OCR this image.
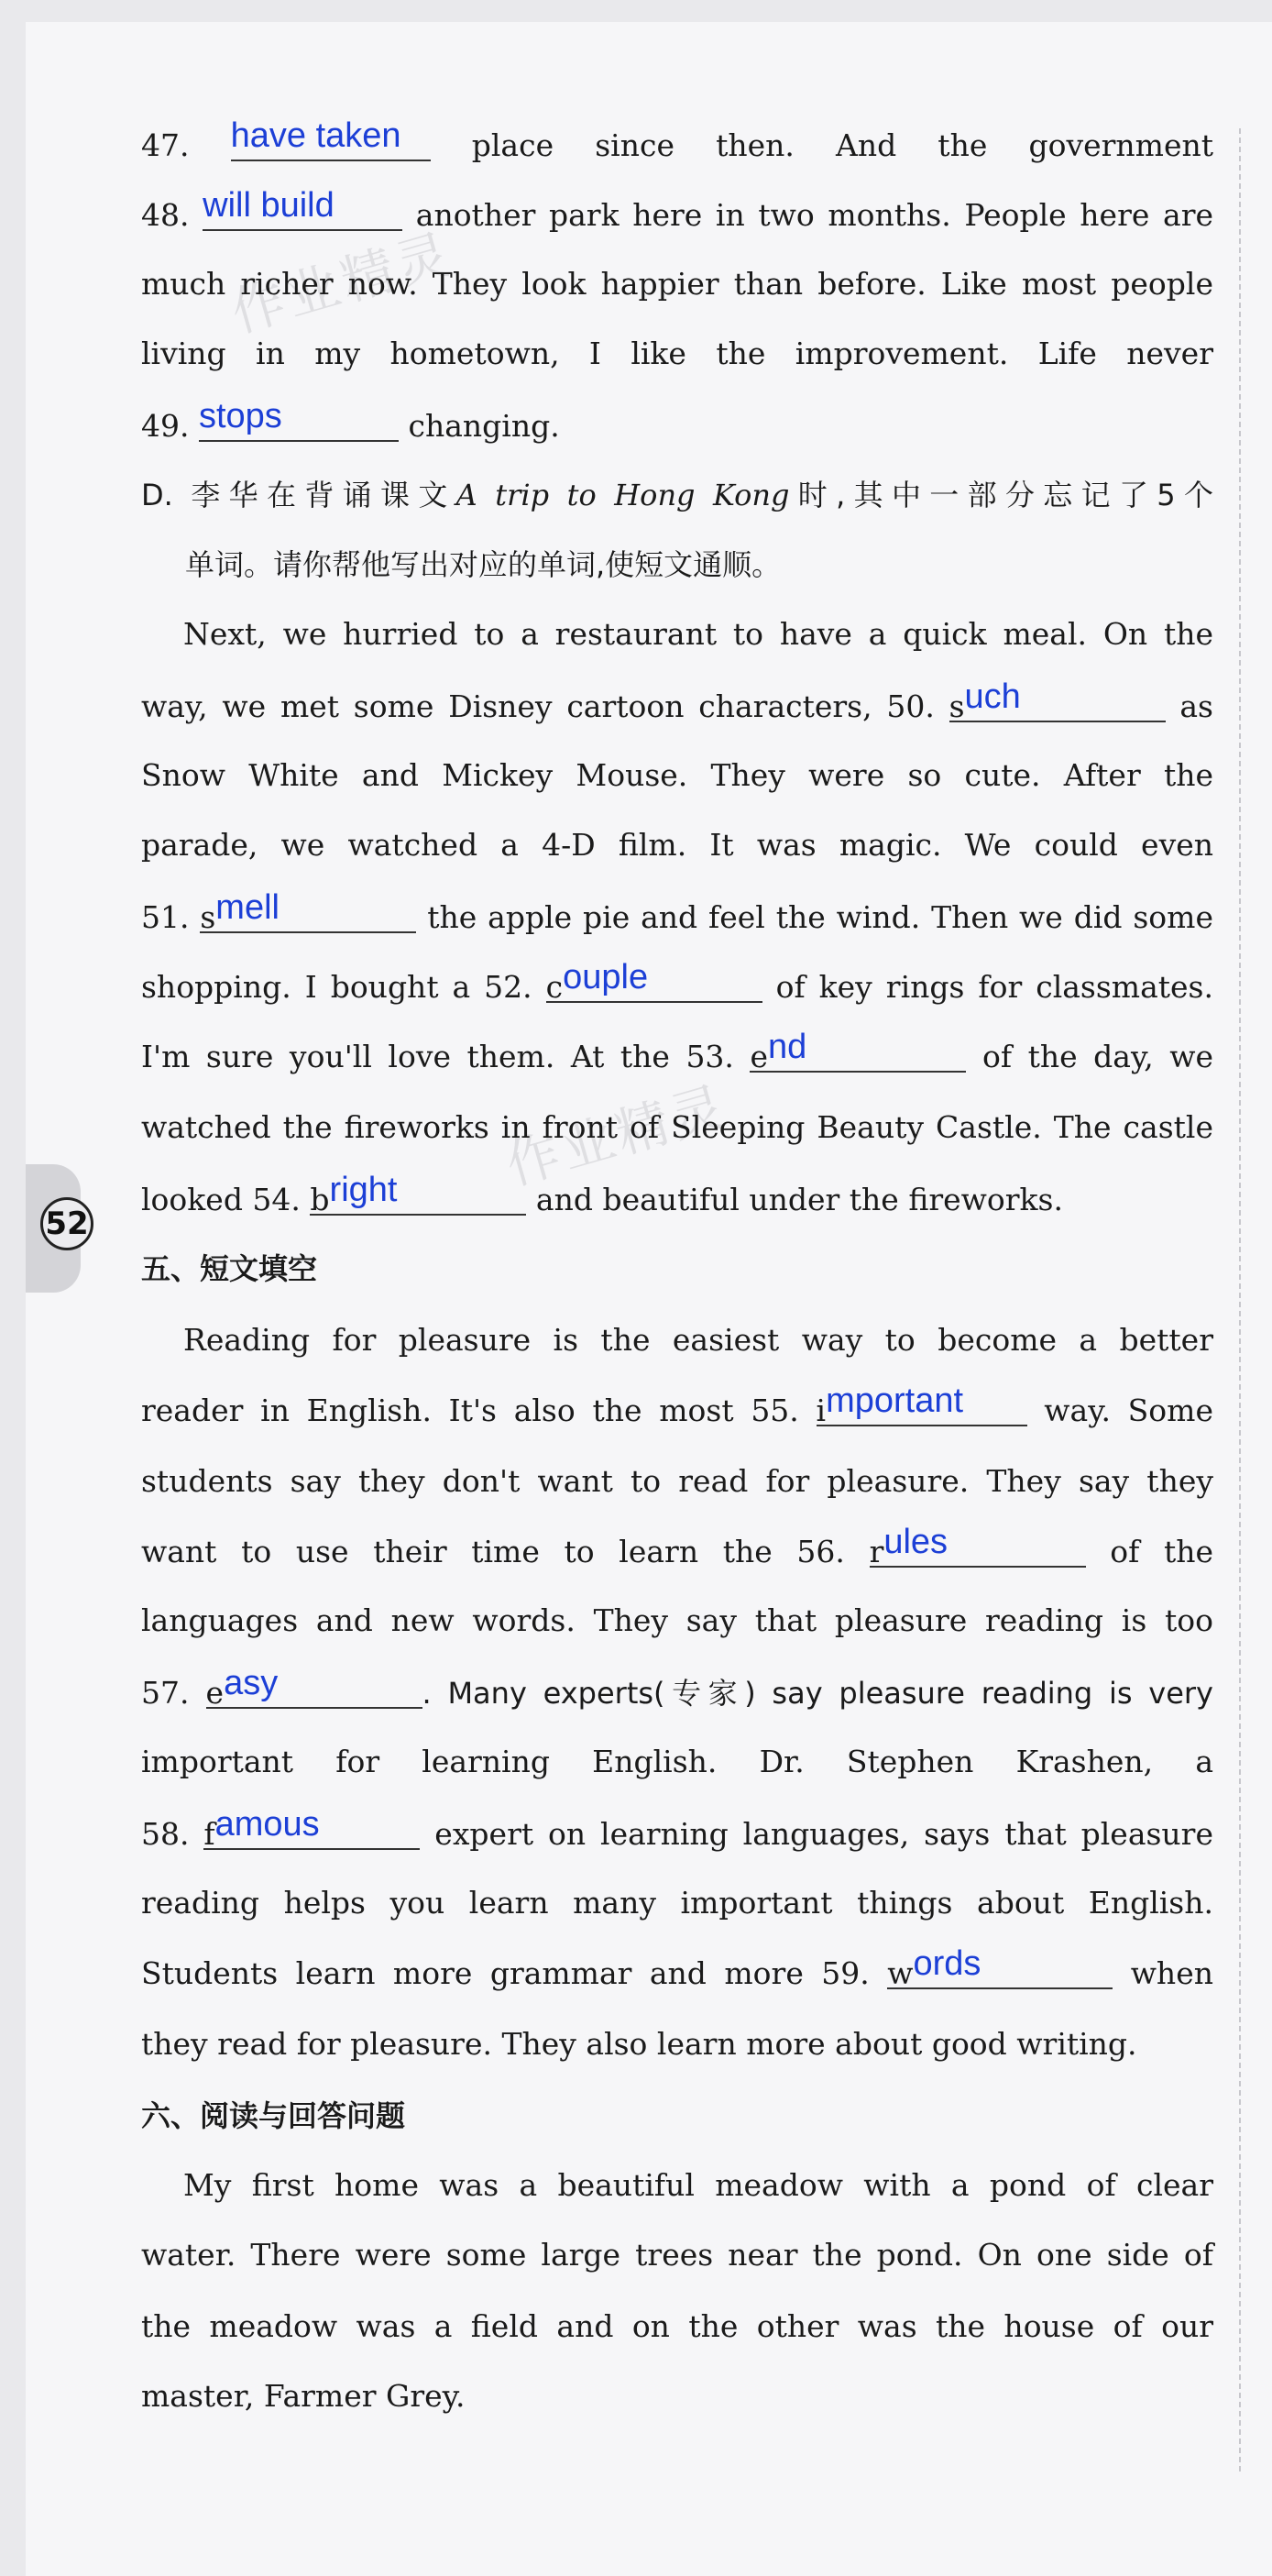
52
作业精灵
作业精灵
47. have taken place since then. And the government
48. will build	another park here in two months. People here are
much richer now. They look happier than before. Like most people
living in my hometown, I like the improvement. Life never
49. stops	changing.
D. 李华在背诵课文A trip to Hong Kong时,其中一部分忘记了5个
单词。请你帮他写出对应的单词,使短文通顺。
Next, we hurried to a restaurant to have a quick meal. On the
way, we met some Disney cartoon characters, 50. such	as
Snow White and Mickey Mouse. They were so cute. After the
parade, we watched a 4-D film. It was magic. We could even
51. smell	the apple pie and feel the wind. Then we did some
shopping. I bought a 52. couple	of key rings for classmates.
I'm sure you'll love them. At the 53. end	of the day, we
watched the fireworks in front of Sleeping Beauty Castle. The castle
looked 54. bright	and beautiful under the fireworks.
五、短文填空
Reading for pleasure is the easiest way to become a better
reader in English. It's also the most 55. important	way. Some
students say they don't want to read for pleasure. They say they
want to use their time to learn the 56. rules	of the
languages and new words. They say that pleasure reading is too
57. easy	. Many experts(专家) say pleasure reading is very
important for learning English. Dr. Stephen Krashen, a
58. famous	expert on learning languages, says that pleasure
reading helps you learn many important things about English.
Students learn more grammar and more 59. words	when
they read for pleasure. They also learn more about good writing.
六、阅读与回答问题
My first home was a beautiful meadow with a pond of clear
water. There were some large trees near the pond. On one side of
the meadow was a field and on the other was the house of our
master, Farmer Grey.
